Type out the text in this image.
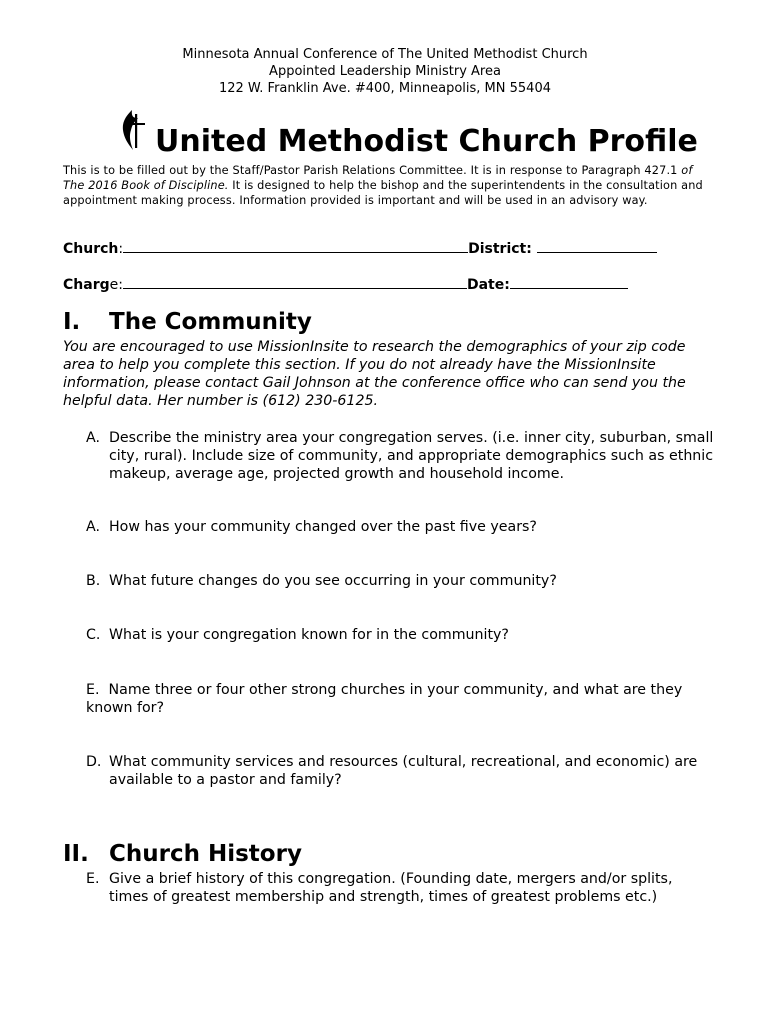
Minnesota Annual Conference of The United Methodist Church
Appointed Leadership Ministry Area
122 W. Franklin Ave. #400, Minneapolis, MN 55404
United Methodist Church Profile
This is to be filled out by the Staff/Pastor Parish Relations Committee. It is in response to Paragraph 427.1 of The 2016 Book of Discipline. It is designed to help the bishop and the superintendents in the consultation and appointment making process. Information provided is important and will be used in an advisory way.
Church:	District:
Charge:	Date:
I. The Community
You are encouraged to use MissionInsite to research the demographics of your zip code area to help you complete this section. If you do not already have the MissionInsite information, please contact Gail Johnson at the conference office who can send you the helpful data. Her number is (612) 230-6125.
A. Describe the ministry area your congregation serves. (i.e. inner city, suburban, small city, rural). Include size of community, and appropriate demographics such as ethnic makeup, average age, projected growth and household income.
A. How has your community changed over the past five years?
B. What future changes do you see occurring in your community?
C. What is your congregation known for in the community?
E. Name three or four other strong churches in your community, and what are they known for?
D. What community services and resources (cultural, recreational, and economic) are available to a pastor and family?
II. Church History
E. Give a brief history of this congregation. (Founding date, mergers and/or splits, times of greatest membership and strength, times of greatest problems etc.)
